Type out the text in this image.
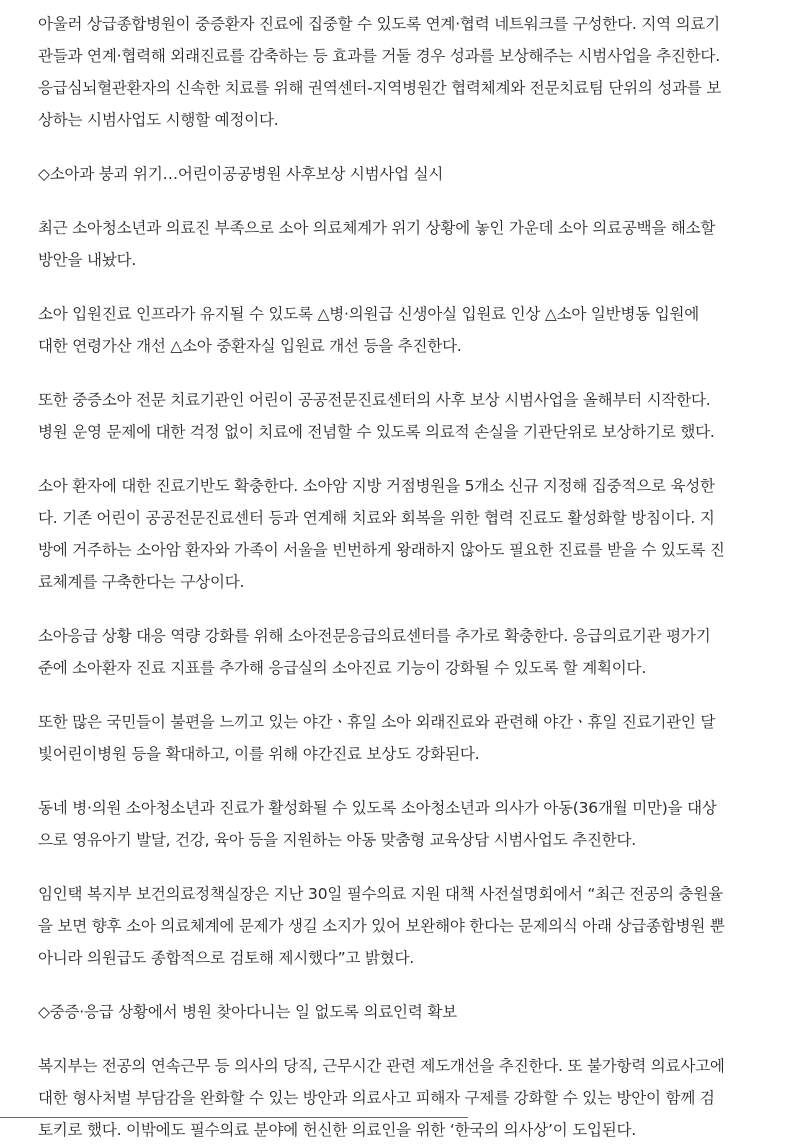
아울러 상급종합병원이 중증환자 진료에 집중할 수 있도록 연계·협력 네트워크를 구성한다. 지역 의료기
관들과 연계·협력해 외래진료를 감축하는 등 효과를 거둘 경우 성과를 보상해주는 시범사업을 추진한다.
응급심뇌혈관환자의 신속한 치료를 위해 권역센터-지역병원간 협력체계와 전문치료팀 단위의 성과를 보
상하는 시범사업도 시행할 예정이다.
◇소아과 붕괴 위기…어린이공공병원 사후보상 시범사업 실시
최근 소아청소년과 의료진 부족으로 소아 의료체계가 위기 상황에 놓인 가운데 소아 의료공백을 해소할
방안을 내놨다.
소아 입원진료 인프라가 유지될 수 있도록 △병·의원급 신생아실 입원료 인상 △소아 일반병동 입원에
대한 연령가산 개선 △소아 중환자실 입원료 개선 등을 추진한다.
또한 중증소아 전문 치료기관인 어린이 공공전문진료센터의 사후 보상 시범사업을 올해부터 시작한다.
병원 운영 문제에 대한 걱정 없이 치료에 전념할 수 있도록 의료적 손실을 기관단위로 보상하기로 했다.
소아 환자에 대한 진료기반도 확충한다. 소아암 지방 거점병원을 5개소 신규 지정해 집중적으로 육성한
다. 기존 어린이 공공전문진료센터 등과 연계해 치료와 회복을 위한 협력 진료도 활성화할 방침이다. 지
방에 거주하는 소아암 환자와 가족이 서울을 빈번하게 왕래하지 않아도 필요한 진료를 받을 수 있도록 진
료체계를 구축한다는 구상이다.
소아응급 상황 대응 역량 강화를 위해 소아전문응급의료센터를 추가로 확충한다. 응급의료기관 평가기
준에 소아환자 진료 지표를 추가해 응급실의 소아진료 기능이 강화될 수 있도록 할 계획이다.
또한 많은 국민들이 불편을 느끼고 있는 야간ㆍ휴일 소아 외래진료와 관련해 야간ㆍ휴일 진료기관인 달
빛어린이병원 등을 확대하고, 이를 위해 야간진료 보상도 강화된다.
동네 병·의원 소아청소년과 진료가 활성화될 수 있도록 소아청소년과 의사가 아동(36개월 미만)을 대상
으로 영유아기 발달, 건강, 육아 등을 지원하는 아동 맞춤형 교육상담 시범사업도 추진한다.
임인택 복지부 보건의료정책실장은 지난 30일 필수의료 지원 대책 사전설명회에서 “최근 전공의 충원율
을 보면 향후 소아 의료체계에 문제가 생길 소지가 있어 보완해야 한다는 문제의식 아래 상급종합병원 뿐
아니라 의원급도 종합적으로 검토해 제시했다”고 밝혔다.
◇중증·응급 상황에서 병원 찾아다니는 일 없도록 의료인력 확보
복지부는 전공의 연속근무 등 의사의 당직, 근무시간 관련 제도개선을 추진한다. 또 불가항력 의료사고에
대한 형사처벌 부담감을 완화할 수 있는 방안과 의료사고 피해자 구제를 강화할 수 있는 방안이 함께 검
토키로 했다. 이밖에도 필수의료 분야에 헌신한 의료인을 위한 ‘한국의 의사상’이 도입된다.
